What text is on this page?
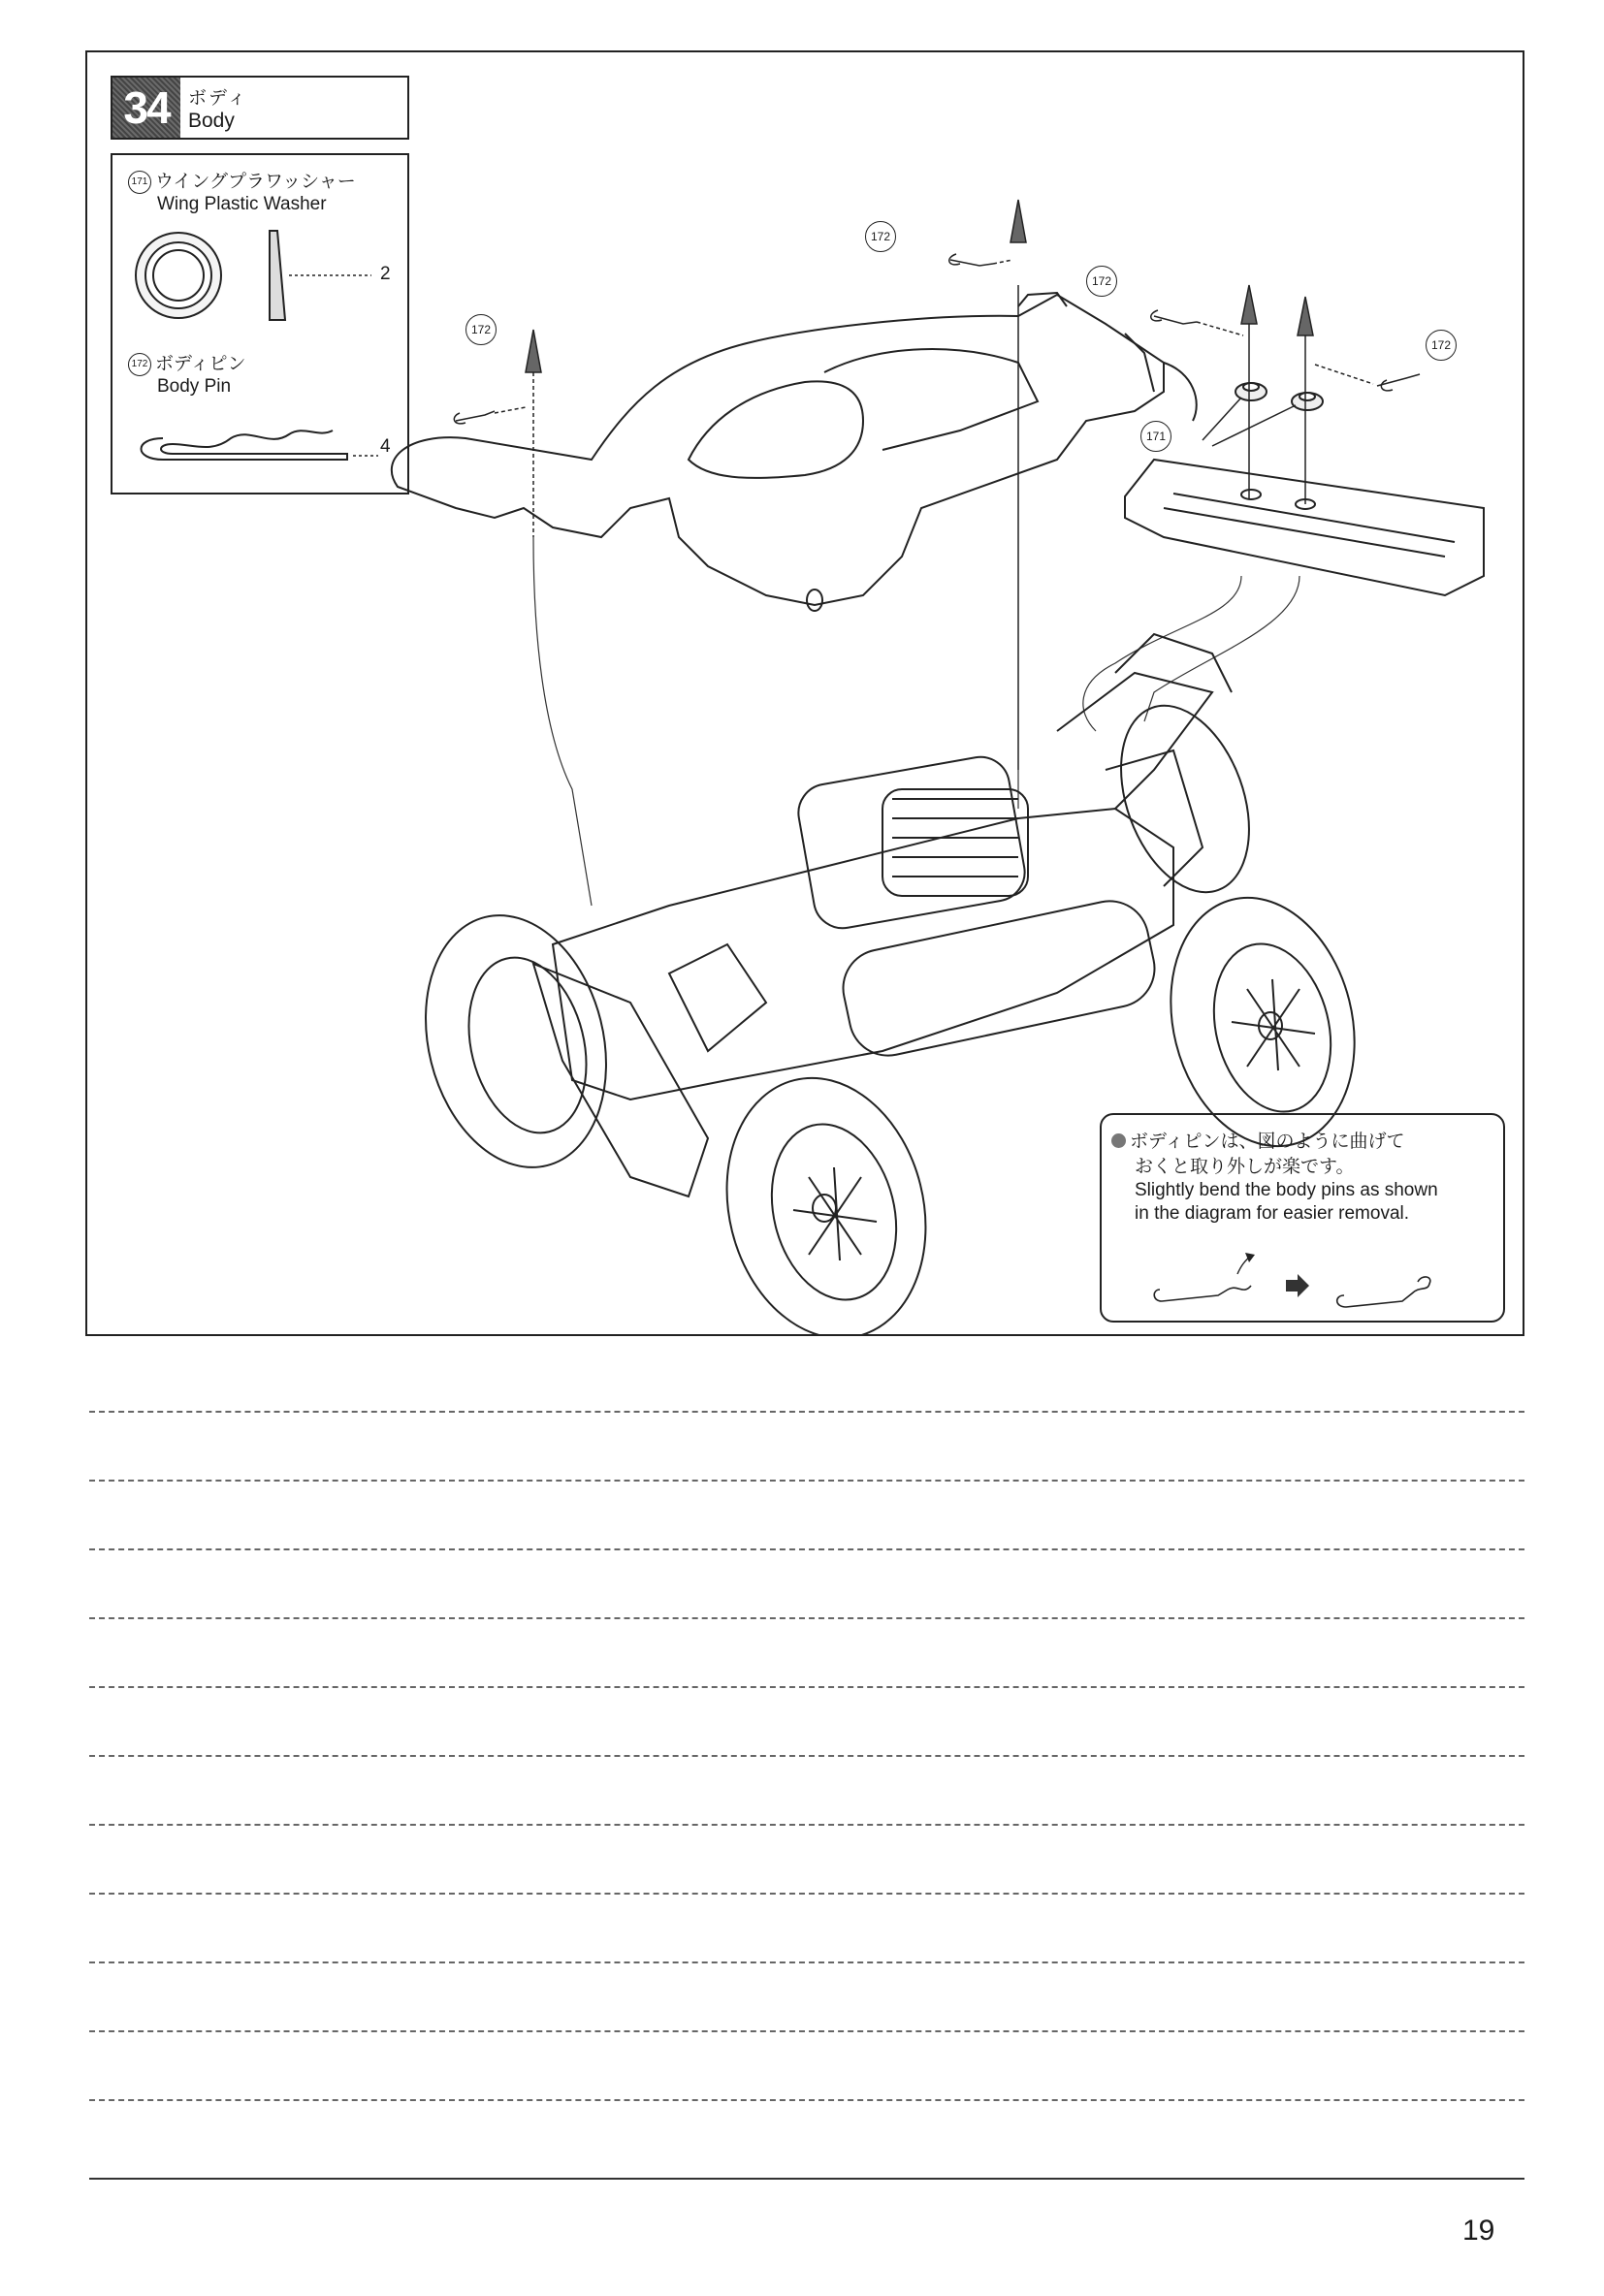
34	ボディ
Body
171 ウイングプラワッシャー
Wing Plastic Washer
2
172 ボディピン
Body Pin
4
172
172
172
172
171
ボディピンは、図のように曲げて
おくと取り外しが楽です。
Slightly bend the body pins as shown
in the diagram for easier removal.
19
